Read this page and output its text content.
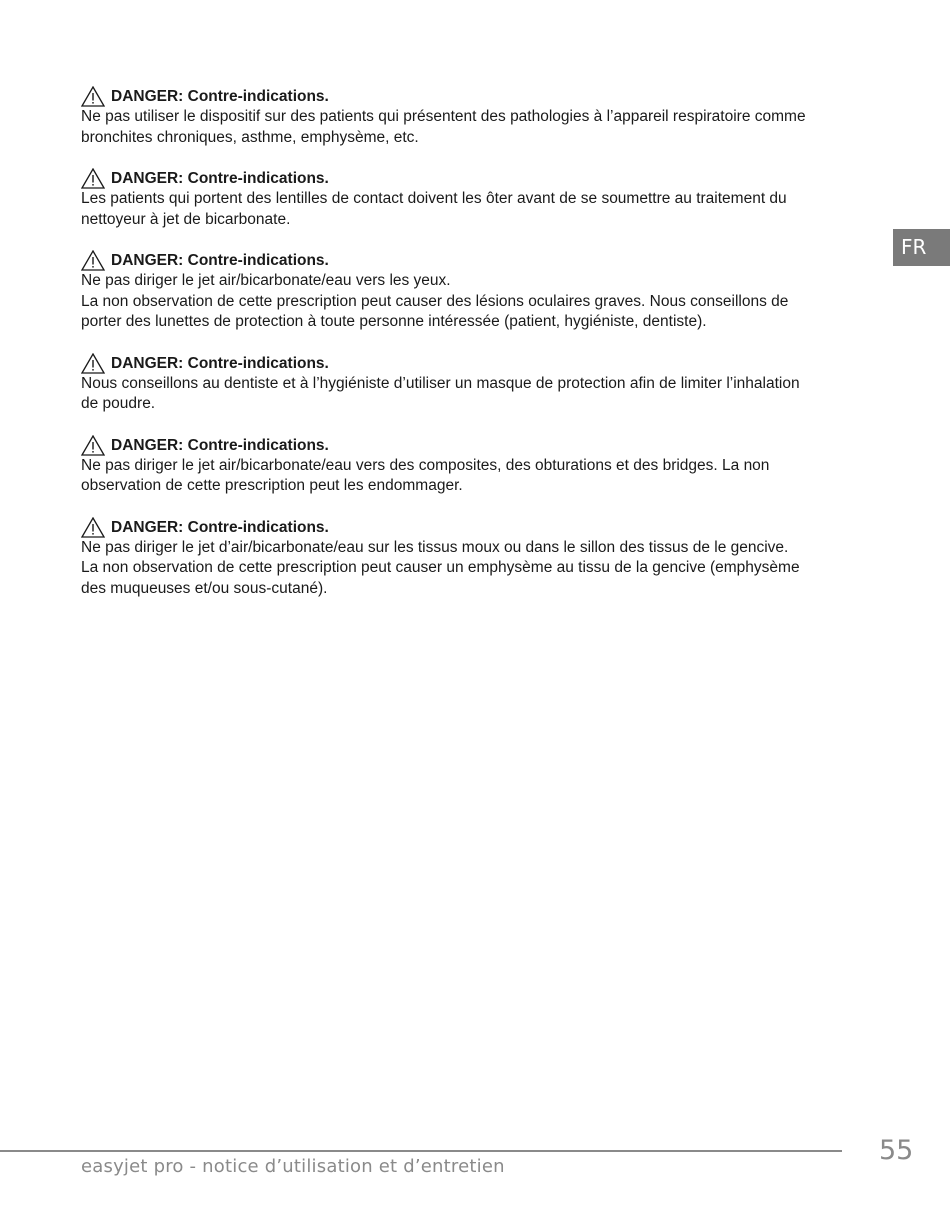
FR
DANGER: Contre-indications.

Ne pas utiliser le dispositif sur des patients qui présentent des pathologies à l’appareil respiratoire comme
bronchites chroniques, asthme, emphysème, etc.

DANGER: Contre-indications.

Les patients qui portent des lentilles de contact doivent les ôter avant de se soumettre au traitement du
nettoyeur à jet de bicarbonate.

DANGER: Contre-indications.

Ne pas diriger le jet air/bicarbonate/eau vers les yeux.
La non observation de cette prescription peut causer des lésions oculaires graves. Nous conseillons de
porter des lunettes de protection à toute personne intéressée (patient, hygiéniste, dentiste).

DANGER: Contre-indications.

Nous conseillons au dentiste et à l’hygiéniste d’utiliser un masque de protection afin de limiter l’inhalation
de poudre.

DANGER: Contre-indications.

Ne pas diriger le jet air/bicarbonate/eau vers des composites, des obturations et des bridges. La non
observation de cette prescription peut les endommager.

DANGER: Contre-indications.

Ne pas diriger le jet d’air/bicarbonate/eau sur les tissus moux ou dans le sillon des tissus de le gencive.
La non observation de cette prescription peut causer un emphysème au tissu de la gencive (emphysème
des muqueuses et/ou sous-cutané).

easyjet pro - notice d’utilisation et d’entretien
55
